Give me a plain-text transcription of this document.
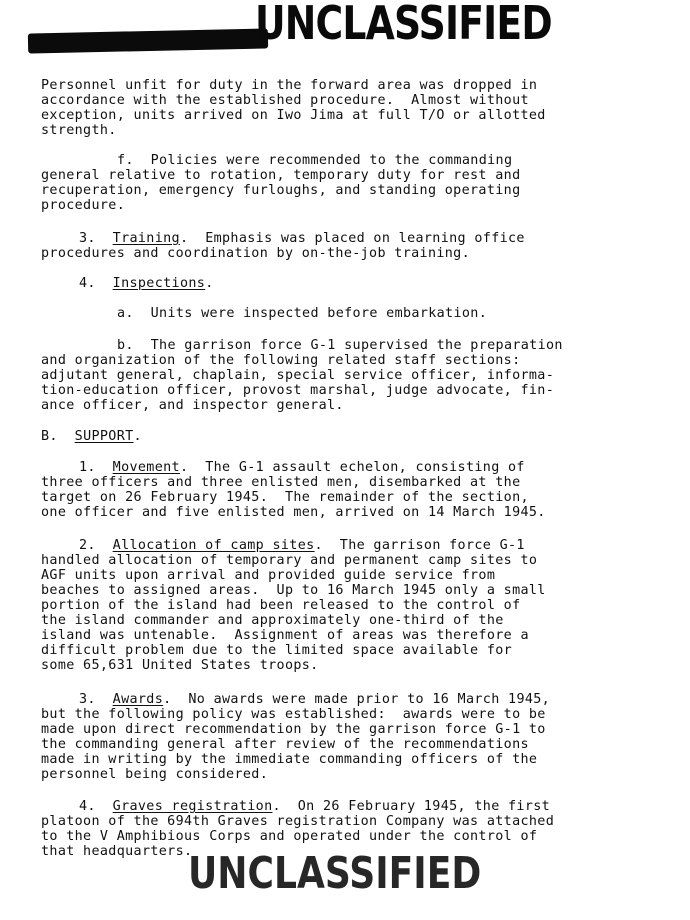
UNCLASSIFIED
Personnel unfit for duty in the forward area was dropped in
accordance with the established procedure.  Almost without
exception, units arrived on Iwo Jima at full T/O or allotted
strength.
f.  Policies were recommended to the commanding
general relative to rotation, temporary duty for rest and
recuperation, emergency furloughs, and standing operating
procedure.
3. Training.  Emphasis was placed on learning office
procedures and coordination by on-the-job training.
4. Inspections.
a.  Units were inspected before embarkation.
b.  The garrison force G-1 supervised the preparation
and organization of the following related staff sections:
adjutant general, chaplain, special service officer, informa-
tion-education officer, provost marshal, judge advocate, fin-
ance officer, and inspector general.
B. SUPPORT.
1. Movement.  The G-1 assault echelon, consisting of
three officers and three enlisted men, disembarked at the
target on 26 February 1945.  The remainder of the section,
one officer and five enlisted men, arrived on 14 March 1945.
2. Allocation of camp sites.  The garrison force G-1
handled allocation of temporary and permanent camp sites to
AGF units upon arrival and provided guide service from
beaches to assigned areas.  Up to 16 March 1945 only a small
portion of the island had been released to the control of
the island commander and approximately one-third of the
island was untenable.  Assignment of areas was therefore a
difficult problem due to the limited space available for
some 65,631 United States troops.
3. Awards.  No awards were made prior to 16 March 1945,
but the following policy was established:  awards were to be
made upon direct recommendation by the garrison force G-1 to
the commanding general after review of the recommendations
made in writing by the immediate commanding officers of the
personnel being considered.
4. Graves registration.  On 26 February 1945, the first
platoon of the 694th Graves registration Company was attached
to the V Amphibious Corps and operated under the control of
that headquarters.
UNCLASSIFIED
